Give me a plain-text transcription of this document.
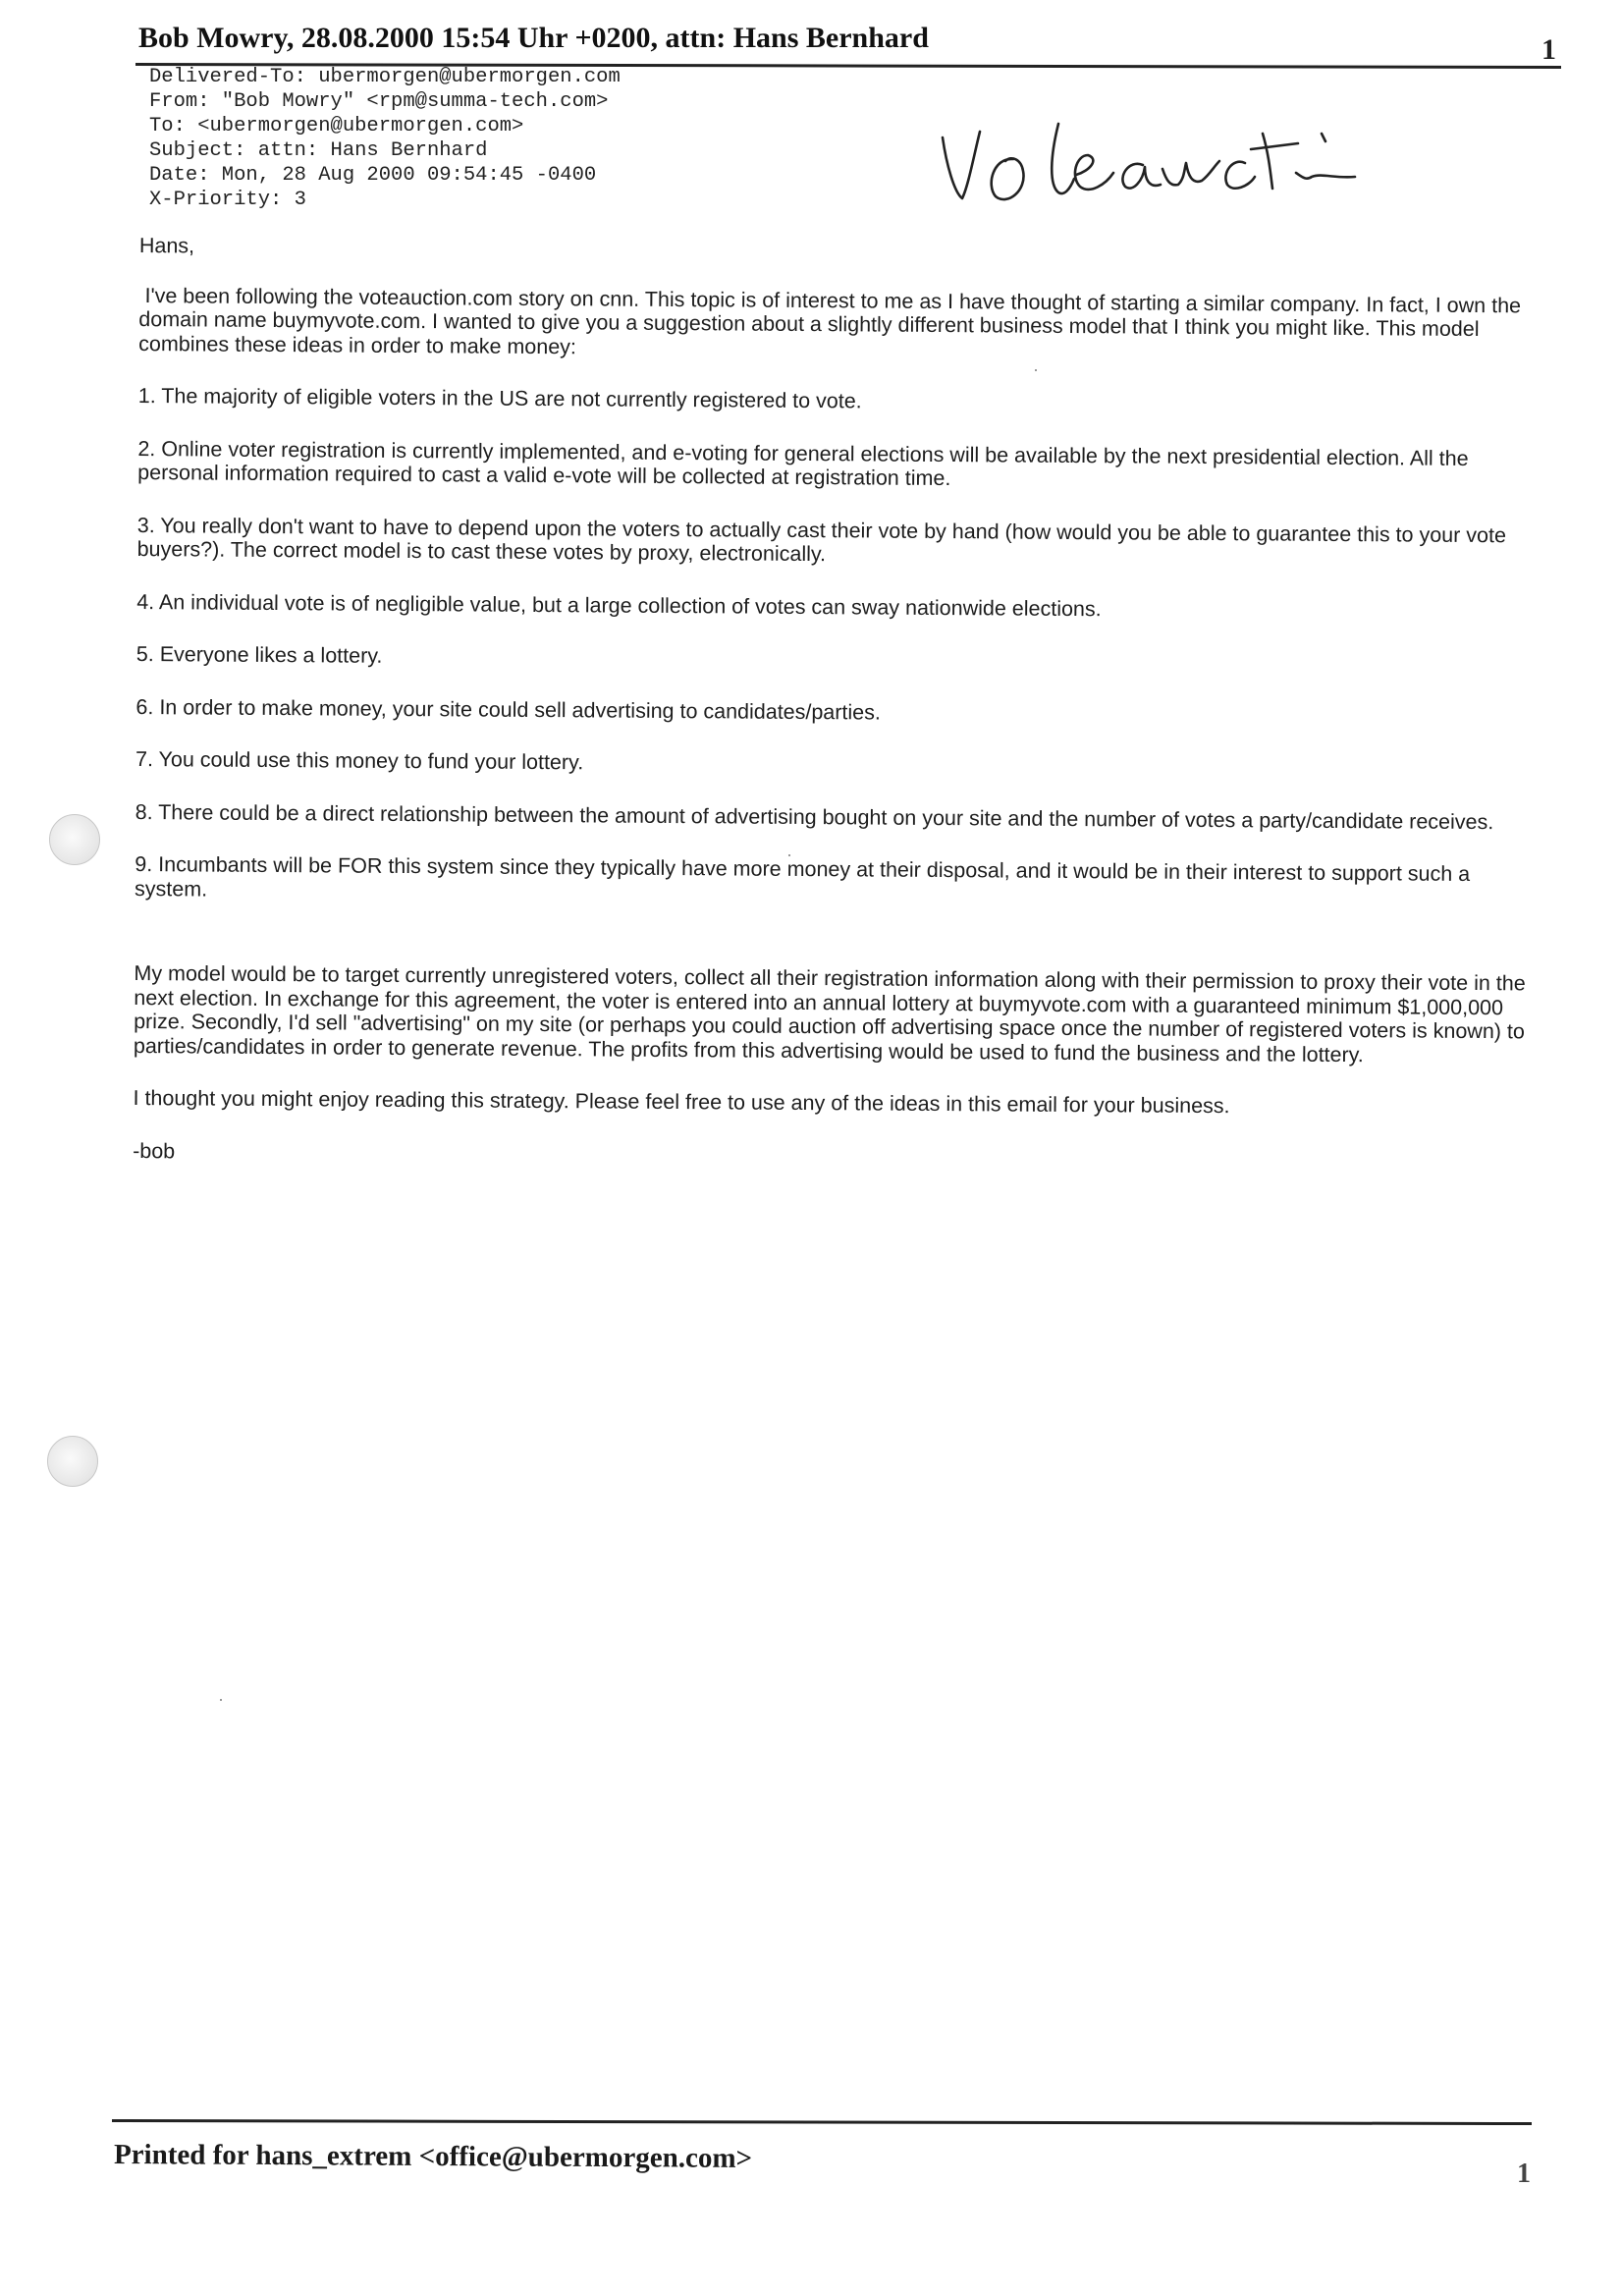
Bob Mowry, 28.08.2000 15:54 Uhr +0200, attn: Hans Bernhard	1
Delivered-To: ubermorgen@ubermorgen.com
From: "Bob Mowry" <rpm@summa-tech.com>
To: <ubermorgen@ubermorgen.com>
Subject: attn: Hans Bernhard
Date: Mon, 28 Aug 2000 09:54:45 -0400
X-Priority: 3

Hans,

I've been following the voteauction.com story on cnn. This topic is of interest to me as I have thought of starting a similar company. In fact, I own the domain name buymyvote.com. I wanted to give you a suggestion about a slightly different business model that I think you might like. This model combines these ideas in order to make money:

1. The majority of eligible voters in the US are not currently registered to vote.

2. Online voter registration is currently implemented, and e-voting for general elections will be available by the next presidential election. All the personal information required to cast a valid e-vote will be collected at registration time.

3. You really don't want to have to depend upon the voters to actually cast their vote by hand (how would you be able to guarantee this to your vote buyers?). The correct model is to cast these votes by proxy, electronically.

4. An individual vote is of negligible value, but a large collection of votes can sway nationwide elections.

5. Everyone likes a lottery.

6. In order to make money, your site could sell advertising to candidates/parties.

7. You could use this money to fund your lottery.

8. There could be a direct relationship between the amount of advertising bought on your site and the number of votes a party/candidate receives.

9. Incumbants will be FOR this system since they typically have more money at their disposal, and it would be in their interest to support such a system.

My model would be to target currently unregistered voters, collect all their registration information along with their permission to proxy their vote in the next election. In exchange for this agreement, the voter is entered into an annual lottery at buymyvote.com with a guaranteed minimum $1,000,000 prize. Secondly, I'd sell "advertising" on my site (or perhaps you could auction off advertising space once the number of registered voters is known) to parties/candidates in order to generate revenue. The profits from this advertising would be used to fund the business and the lottery.

I thought you might enjoy reading this strategy. Please feel free to use any of the ideas in this email for your business.

-bob

Printed for hans_extrem <office@ubermorgen.com>	1
